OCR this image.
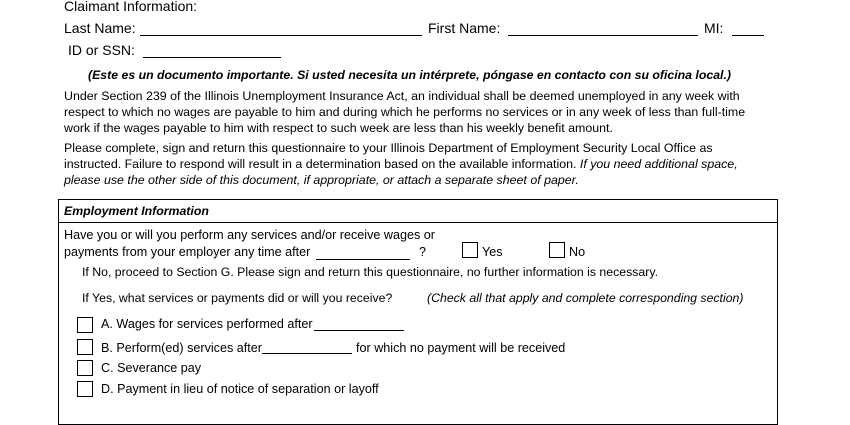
Claimant Information:
Last Name:	First Name:	MI:
ID or SSN:
(Este es un documento importante. Si usted necesita un intérprete, póngase en contacto con su oficina local.)
Under Section 239 of the Illinois Unemployment Insurance Act, an individual shall be deemed unemployed in any week with
respect to which no wages are payable to him and during which he performs no services or in any week of less than full-time
work if the wages payable to him with respect to such week are less than his weekly benefit amount.
Please complete, sign and return this questionnaire to your Illinois Department of Employment Security Local Office as
instructed. Failure to respond will result in a determination based on the available information. If you need additional space,
please use the other side of this document, if appropriate, or attach a separate sheet of paper.
Employment Information
Have you or will you perform any services and/or receive wages or
payments from your employer any time after	?	Yes	No
If No, proceed to Section G. Please sign and return this questionnaire, no further information is necessary.
If Yes, what services or payments did or will you receive?	(Check all that apply and complete corresponding section)
A. Wages for services performed after
B. Perform(ed) services after	for which no payment will be received
C. Severance pay
D. Payment in lieu of notice of separation or layoff
